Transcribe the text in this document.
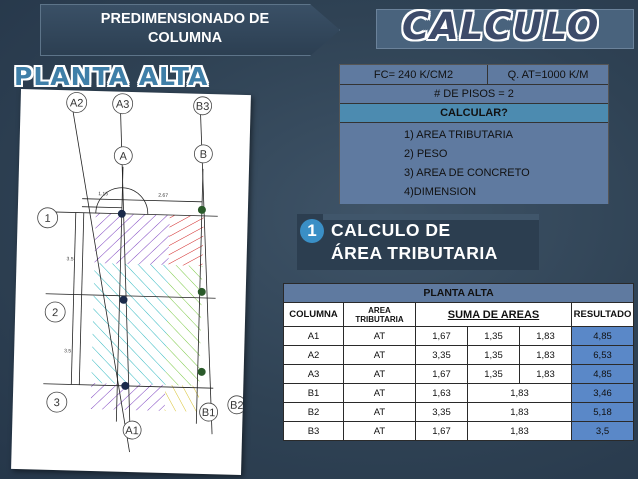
PREDIMENSIONADO DE
COLUMNA	CALCULO
PLANTA ALTA
A2	A3	B3
A	B
1
2
3
A1
B1
B2
1.15	2.67
3.5
3.5
FC= 240 K/CM2	Q. AT=1000 K/M
# DE PISOS = 2
CALCULAR?
1) AREA TRIBUTARIA
2) PESO
3) AREA DE CONCRETO
4)DIMENSION
1 CALCULO DE
ÁREA TRIBUTARIA
PLANTA ALTA					
COLUMNA	AREA TRIBUTARIA	SUMA DE AREAS			RESULTADO
A1	AT	1,67	1,35	1,83	4,85
A2	AT	3,35	1,35	1,83	6,53
A3	AT	1,67	1,35	1,83	4,85
B1	AT	1,63	1,83		3,46
B2	AT	3,35	1,83		5,18
B3	AT	1,67	1,83		3,5
